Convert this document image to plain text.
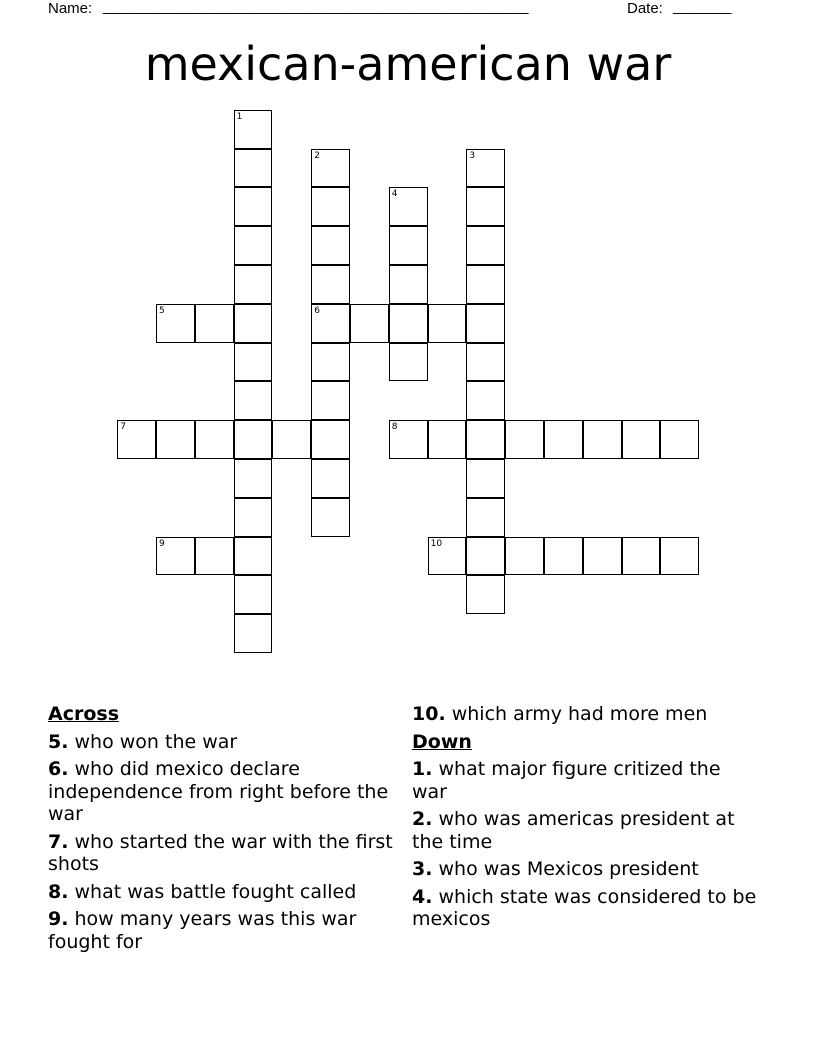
Name: ___________________________________________________	Date: _______
mexican-american war
1
2	3
4
5	6
7	8
9	10
Across
5. who won the war
6. who did mexico declare independence from right before the war
7. who started the war with the first shots
8. what was battle fought called
9. how many years was this war fought for
10. which army had more men
Down
1. what major figure critized the war
2. who was americas president at the time
3. who was Mexicos president
4. which state was considered to be mexicos
